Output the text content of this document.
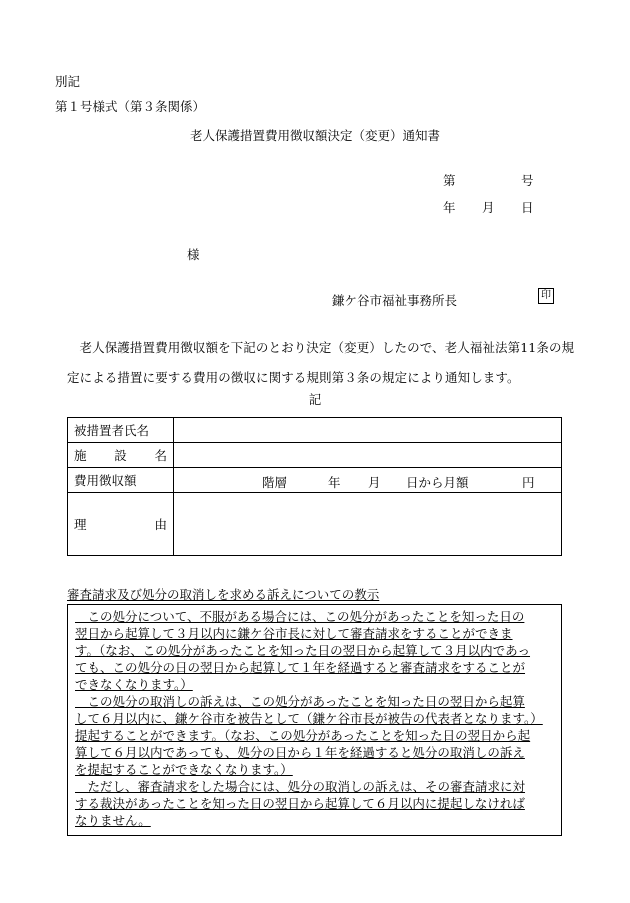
別記
第１号様式（第３条関係）
老人保護措置費用徴収額決定（変更）通知書
第	号
年 月 日
様
鎌ケ谷市福祉事務所長	印
老人保護措置費用徴収額を下記のとおり決定（変更）したので、老人福祉法第11条の規定による措置に要する費用の徴収に関する規則第３条の規定により通知します。
記
被措置者氏名	

施 設 名	

費用徴収額	階層 年 月 日から月額 円

理 由	

審査請求及び処分の取消しを求める訴えについての教示
　この処分について、不服がある場合には、この処分があったことを知った日の
翌日から起算して３月以内に鎌ケ谷市長に対して審査請求をすることができま
す。（なお、この処分があったことを知った日の翌日から起算して３月以内であっ
ても、この処分の日の翌日から起算して１年を経過すると審査請求をすることが
できなくなります。）
　この処分の取消しの訴えは、この処分があったことを知った日の翌日から起算
して６月以内に、鎌ケ谷市を被告として（鎌ケ谷市長が被告の代表者となります。）
提起することができます。（なお、この処分があったことを知った日の翌日から起
算して６月以内であっても、処分の日から１年を経過すると処分の取消しの訴え
を提起することができなくなります。）
　ただし、審査請求をした場合には、処分の取消しの訴えは、その審査請求に対
する裁決があったことを知った日の翌日から起算して６月以内に提起しなければ
なりません。
